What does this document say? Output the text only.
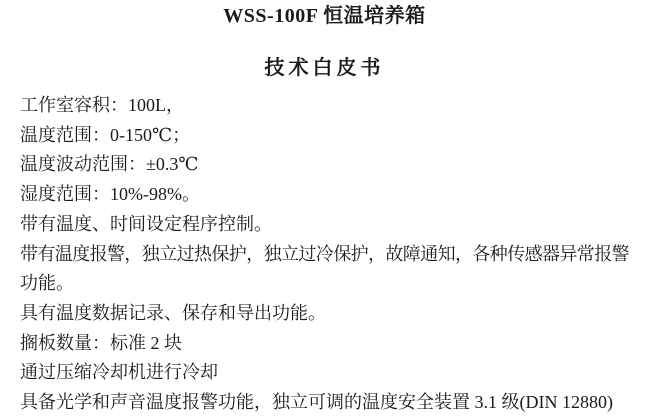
WSS-100F 恒温培养箱
技术白皮书
工作室容积：100L，
温度范围：0-150℃；
温度波动范围：±0.3℃
湿度范围：10%-98%。
带有温度、时间设定程序控制。
带有温度报警，独立过热保护，独立过冷保护，故障通知，各种传感器异常报警
功能。
具有温度数据记录、保存和导出功能。
搁板数量：标准 2 块
通过压缩冷却机进行冷却
具备光学和声音温度报警功能，独立可调的温度安全装置 3.1 级(DIN 12880)
